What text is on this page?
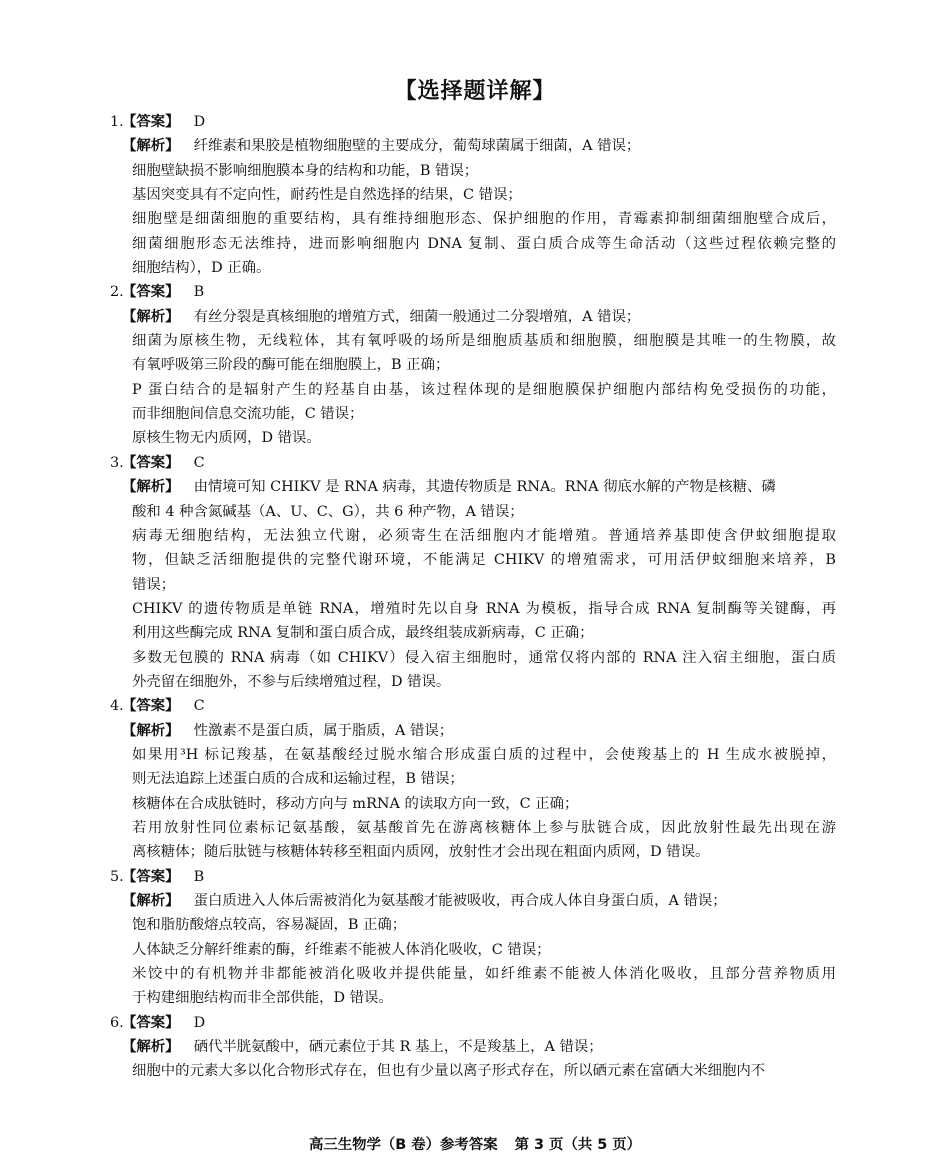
【选择题详解】
1.【答案】 D
【解析】 纤维素和果胶是植物细胞壁的主要成分，葡萄球菌属于细菌，A 错误；
细胞壁缺损不影响细胞膜本身的结构和功能，B 错误；
基因突变具有不定向性，耐药性是自然选择的结果，C 错误；
细胞壁是细菌细胞的重要结构，具有维持细胞形态、保护细胞的作用，青霉素抑制细菌细胞壁合成后，
细菌细胞形态无法维持，进而影响细胞内 DNA 复制、蛋白质合成等生命活动（这些过程依赖完整的
细胞结构），D 正确。
2.【答案】 B
【解析】 有丝分裂是真核细胞的增殖方式，细菌一般通过二分裂增殖，A 错误；
细菌为原核生物，无线粒体，其有氧呼吸的场所是细胞质基质和细胞膜，细胞膜是其唯一的生物膜，故
有氧呼吸第三阶段的酶可能在细胞膜上，B 正确；
P 蛋白结合的是辐射产生的羟基自由基，该过程体现的是细胞膜保护细胞内部结构免受损伤的功能，
而非细胞间信息交流功能，C 错误；
原核生物无内质网，D 错误。
3.【答案】 C
【解析】 由情境可知 CHIKV 是 RNA 病毒，其遗传物质是 RNA。RNA 彻底水解的产物是核糖、磷
酸和 4 种含氮碱基（A、U、C、G），共 6 种产物，A 错误；
病毒无细胞结构，无法独立代谢，必须寄生在活细胞内才能增殖。普通培养基即使含伊蚊细胞提取
物，但缺乏活细胞提供的完整代谢环境，不能满足 CHIKV 的增殖需求，可用活伊蚊细胞来培养，B
错误；
CHIKV 的遗传物质是单链 RNA，增殖时先以自身 RNA 为模板，指导合成 RNA 复制酶等关键酶，再
利用这些酶完成 RNA 复制和蛋白质合成，最终组装成新病毒，C 正确；
多数无包膜的 RNA 病毒（如 CHIKV）侵入宿主细胞时，通常仅将内部的 RNA 注入宿主细胞，蛋白质
外壳留在细胞外，不参与后续增殖过程，D 错误。
4.【答案】 C
【解析】 性激素不是蛋白质，属于脂质，A 错误；
如果用³H 标记羧基，在氨基酸经过脱水缩合形成蛋白质的过程中，会使羧基上的 H 生成水被脱掉，
则无法追踪上述蛋白质的合成和运输过程，B 错误；
核糖体在合成肽链时，移动方向与 mRNA 的读取方向一致，C 正确；
若用放射性同位素标记氨基酸，氨基酸首先在游离核糖体上参与肽链合成，因此放射性最先出现在游
离核糖体；随后肽链与核糖体转移至粗面内质网，放射性才会出现在粗面内质网，D 错误。
5.【答案】 B
【解析】 蛋白质进入人体后需被消化为氨基酸才能被吸收，再合成人体自身蛋白质，A 错误；
饱和脂肪酸熔点较高，容易凝固，B 正确；
人体缺乏分解纤维素的酶，纤维素不能被人体消化吸收，C 错误；
米饺中的有机物并非都能被消化吸收并提供能量，如纤维素不能被人体消化吸收，且部分营养物质用
于构建细胞结构而非全部供能，D 错误。
6.【答案】 D
【解析】 硒代半胱氨酸中，硒元素位于其 R 基上，不是羧基上，A 错误；
细胞中的元素大多以化合物形式存在，但也有少量以离子形式存在，所以硒元素在富硒大米细胞内不
高三生物学（B 卷）参考答案 第 3 页（共 5 页）
